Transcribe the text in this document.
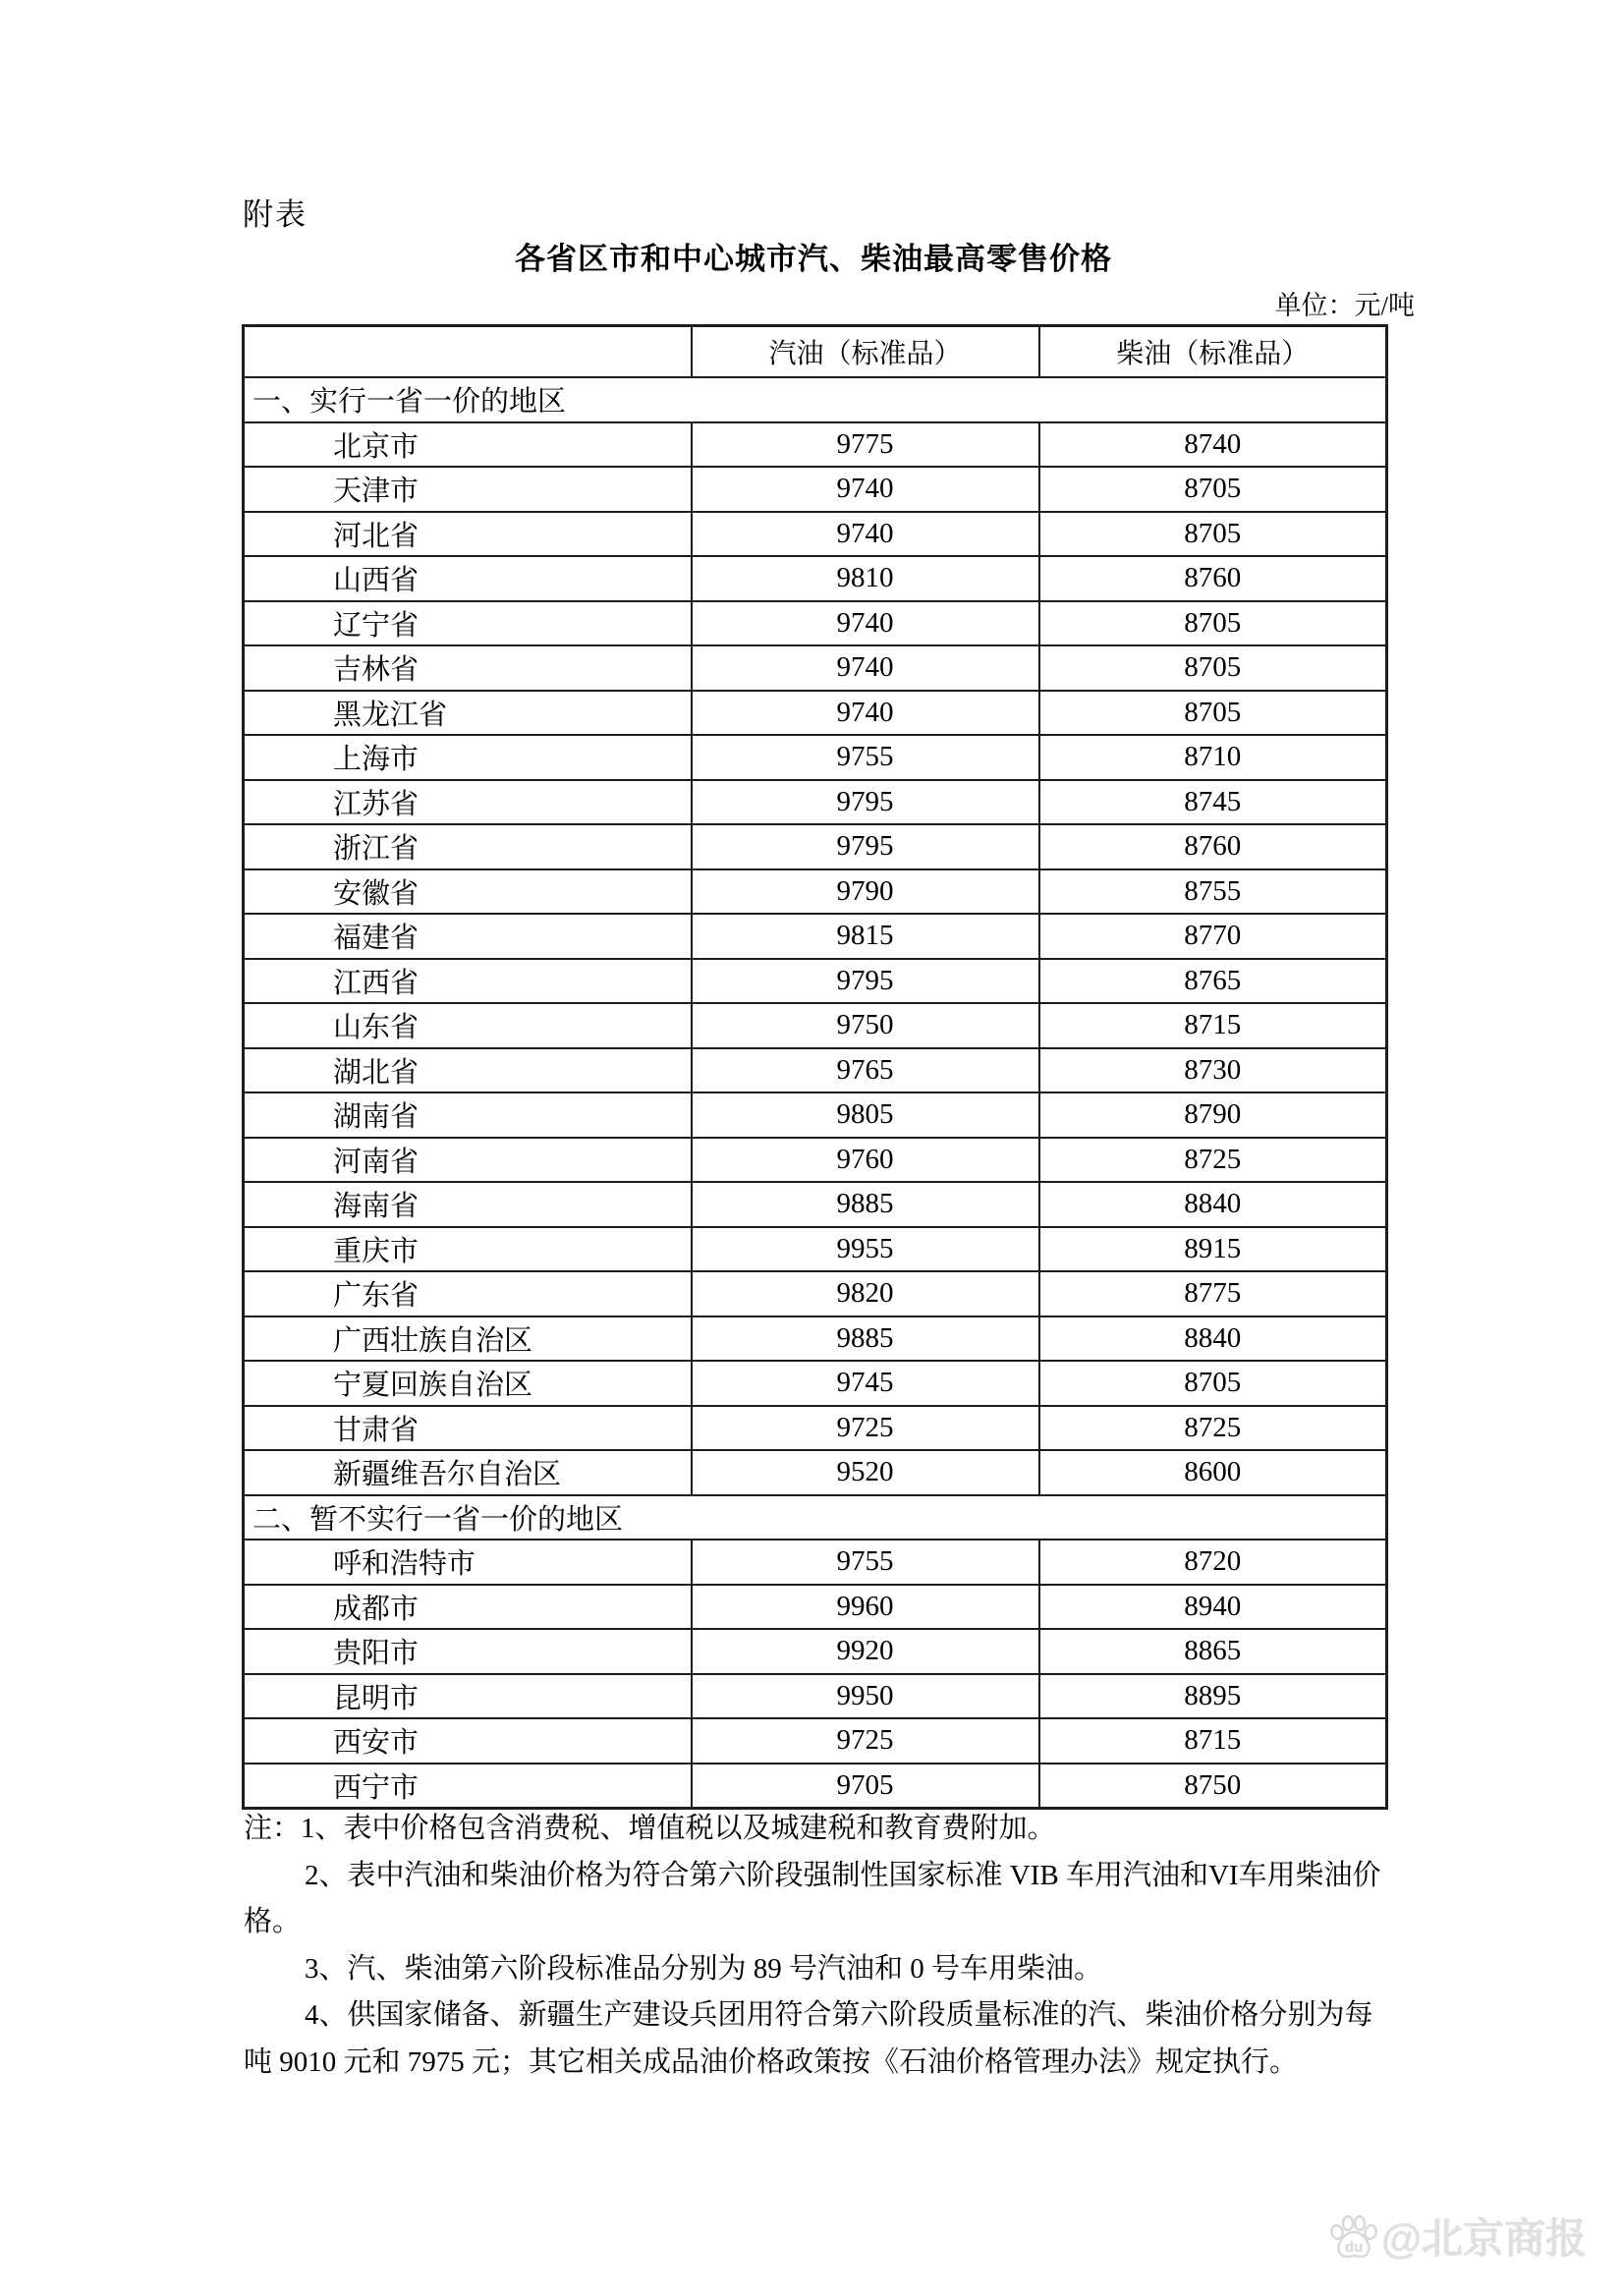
附表
各省区市和中心城市汽、柴油最高零售价格
单位：元/吨
	汽油（标准品）	柴油（标准品）
一、实行一省一价的地区		
北京市	9775	8740
天津市	9740	8705
河北省	9740	8705
山西省	9810	8760
辽宁省	9740	8705
吉林省	9740	8705
黑龙江省	9740	8705
上海市	9755	8710
江苏省	9795	8745
浙江省	9795	8760
安徽省	9790	8755
福建省	9815	8770
江西省	9795	8765
山东省	9750	8715
湖北省	9765	8730
湖南省	9805	8790
河南省	9760	8725
海南省	9885	8840
重庆市	9955	8915
广东省	9820	8775
广西壮族自治区	9885	8840
宁夏回族自治区	9745	8705
甘肃省	9725	8725
新疆维吾尔自治区	9520	8600
二、暂不实行一省一价的地区		
呼和浩特市	9755	8720
成都市	9960	8940
贵阳市	9920	8865
昆明市	9950	8895
西安市	9725	8715
西宁市	9705	8750
注：1、表中价格包含消费税、增值税以及城建税和教育费附加。
2、表中汽油和柴油价格为符合第六阶段强制性国家标准 VIB 车用汽油和VI车用柴油价
格。
3、汽、柴油第六阶段标准品分别为 89 号汽油和 0 号车用柴油。
4、供国家储备、新疆生产建设兵团用符合第六阶段质量标准的汽、柴油价格分别为每
吨 9010 元和 7975 元；其它相关成品油价格政策按《石油价格管理办法》规定执行。
du @北京商报
